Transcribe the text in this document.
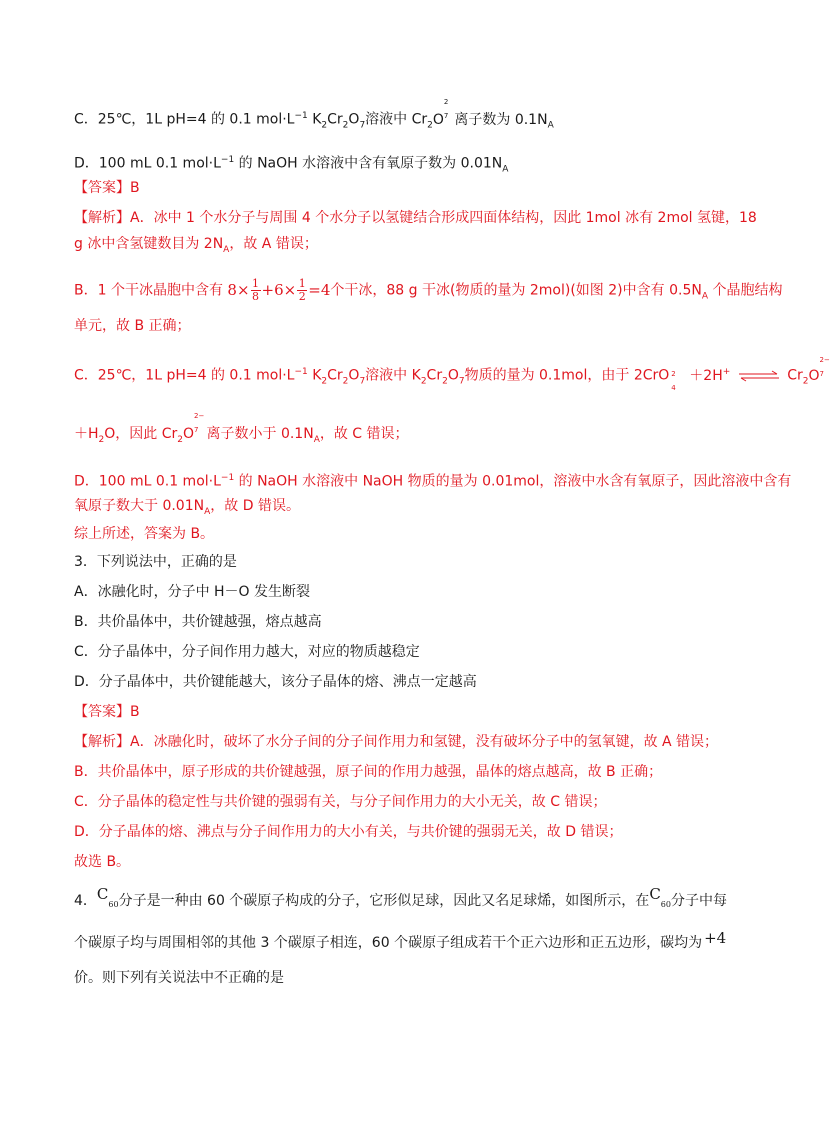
C．25℃，1L pH=4 的 0.1 $mol\cdot L^{-1}$ $K_2Cr_2O_7$溶液中 $Cr_2O$
2
7 离子数为 $0.1N_A$
D．100 mL 0.1 $mol\cdot L^{-1}$ 的 NaOH 水溶液中含有氧原子数为 $0.01N_A$
【答案】B
【解析】A．冰中 1 个水分子与周围 4 个水分子以氢键结合形成四面体结构，因此 1mol 冰有 2mol 氢键，18
g 冰中含氢键数目为 $2N_A$，故 A 错误；
B．1 个干冰晶胞中含有 $8\times \frac{1}{8} +6\times \frac{1}{2} =4$个干冰，88 g 干冰(物质的量为 2mol)(如图 2)中含有 $0.5N_A$ 个晶胞结构
单元，故 B 正确；
C．25℃，1L pH=4 的 0.1 $mol\cdot L^{-1}$ $K_2Cr_2O_7$溶液中 $K_2Cr_2O_7$物质的量为 0.1mol，由于 2CrO 2
4
＋2H+ ⇌ $Cr_2O$
2−
7
$+H_2O$，因此 $Cr_2O$
2−
7 离子数小于 $0.1N_A$，故 C 错误；
D．100 mL 0.1 $mol\cdot L^{-1}$ 的 NaOH 水溶液中 NaOH 物质的量为 0.01mol，溶液中水含有氧原子，因此溶液中含有
氧原子数大于 $0.01N_A$，故 D 错误。
综上所述，答案为 B。
3．下列说法中，正确的是
A．冰融化时，分子中 H－O 发生断裂
B．共价晶体中，共价键越强，熔点越高
C．分子晶体中，分子间作用力越大，对应的物质越稳定
D．分子晶体中，共价键能越大，该分子晶体的熔、沸点一定越高
【答案】B
【解析】A．冰融化时，破坏了水分子间的分子间作用力和氢键，没有破坏分子中的氢氧键，故 A 错误；
B．共价晶体中，原子形成的共价键越强，原子间的作用力越强，晶体的熔点越高，故 B 正确；
C．分子晶体的稳定性与共价键的强弱有关，与分子间作用力的大小无关，故 C 错误；
D．分子晶体的熔、沸点与分子间作用力的大小有关，与共价键的强弱无关，故 D 错误；
故选 B。
4．$C_{60}$分子是一种由 60 个碳原子构成的分子，它形似足球，因此又名足球烯，如图所示，在$C_{60}$分子中每
个碳原子均与周围相邻的其他 3 个碳原子相连，60 个碳原子组成若干个正六边形和正五边形，碳均为 +4
价。则下列有关说法中不正确的是
